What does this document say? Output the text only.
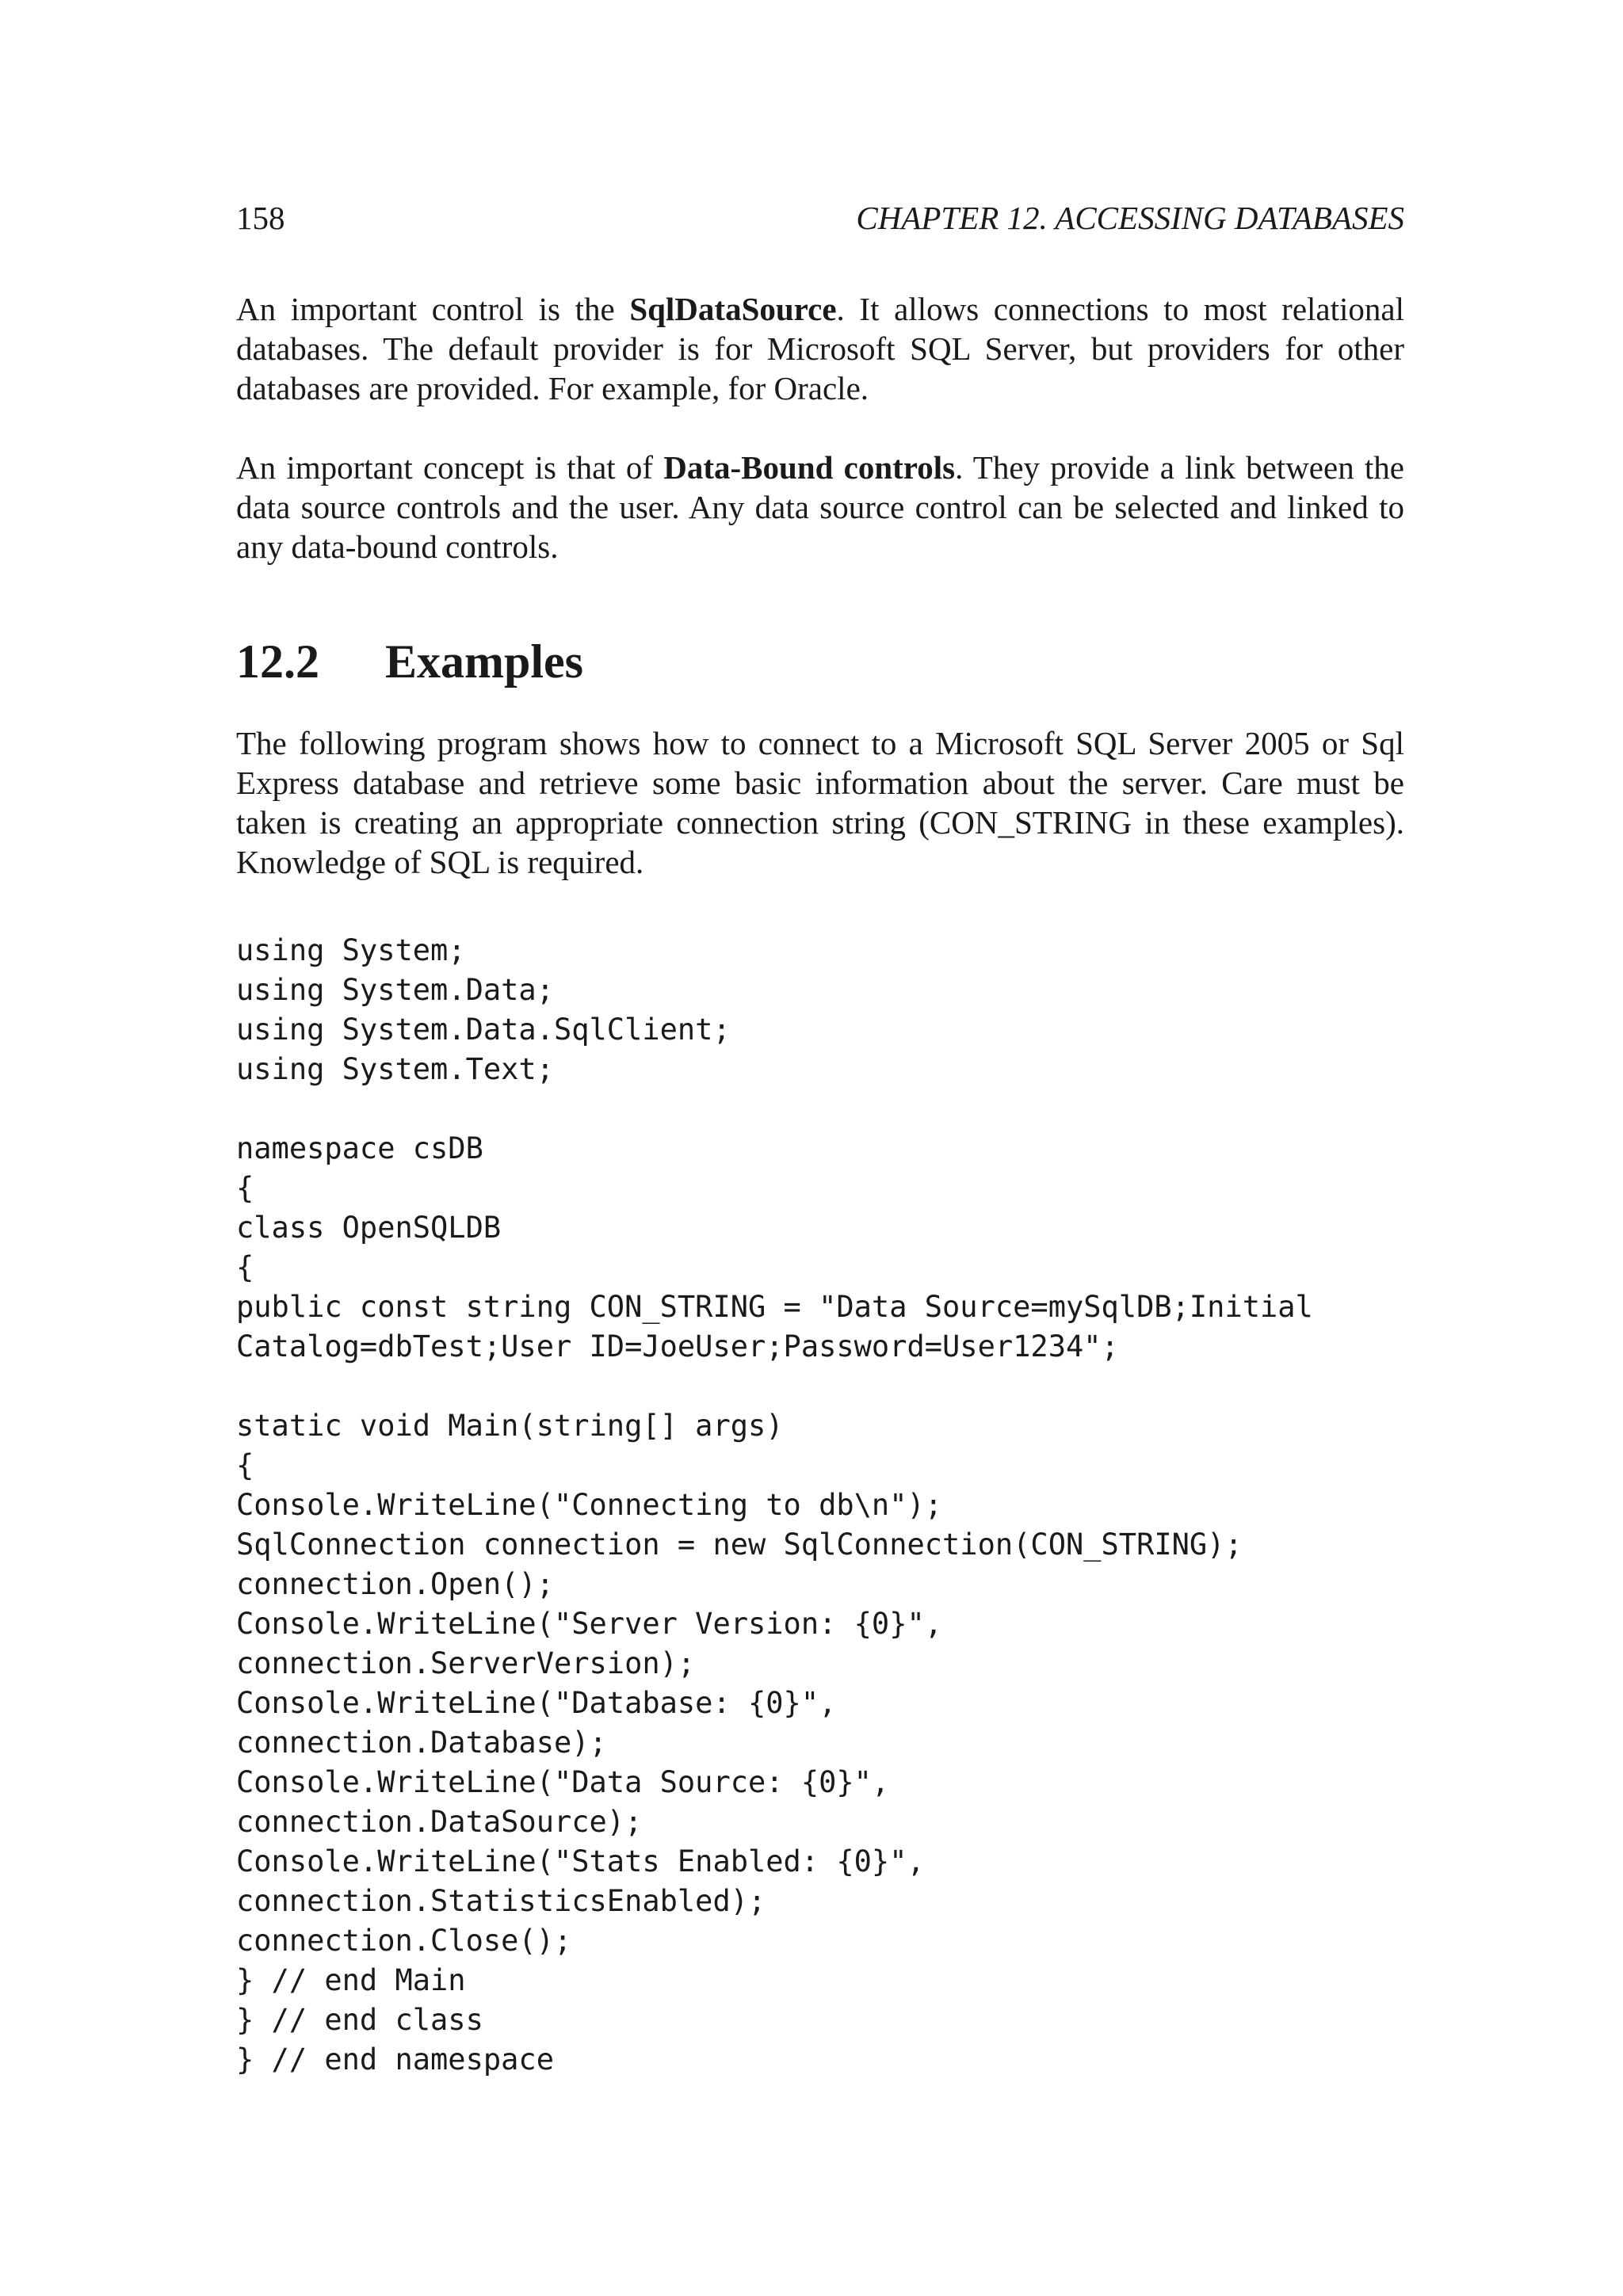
158	CHAPTER 12. ACCESSING DATABASES

An important control is the SqlDataSource. It allows connections to most relational databases. The default provider is for Microsoft SQL Server, but providers for other databases are provided. For example, for Oracle.

An important concept is that of Data-Bound controls. They provide a link between the data source controls and the user. Any data source control can be selected and linked to any data-bound controls.

12.2	Examples

The following program shows how to connect to a Microsoft SQL Server 2005 or Sql Express database and retrieve some basic information about the server. Care must be taken is creating an appropriate connection string (CON_STRING in these examples). Knowledge of SQL is required.

using System;
using System.Data;
using System.Data.SqlClient;
using System.Text;
namespace csDB
{
class OpenSQLDB
{
public const string CON_STRING = "Data Source=mySqlDB;Initial
Catalog=dbTest;User ID=JoeUser;Password=User1234";
static void Main(string[] args)
{
Console.WriteLine("Connecting to db\n");
SqlConnection connection = new SqlConnection(CON_STRING);
connection.Open();
Console.WriteLine("Server Version: {0}",
connection.ServerVersion);
Console.WriteLine("Database: {0}",
connection.Database);
Console.WriteLine("Data Source: {0}",
connection.DataSource);
Console.WriteLine("Stats Enabled: {0}",
connection.StatisticsEnabled);
connection.Close();
} // end Main
} // end class
} // end namespace
